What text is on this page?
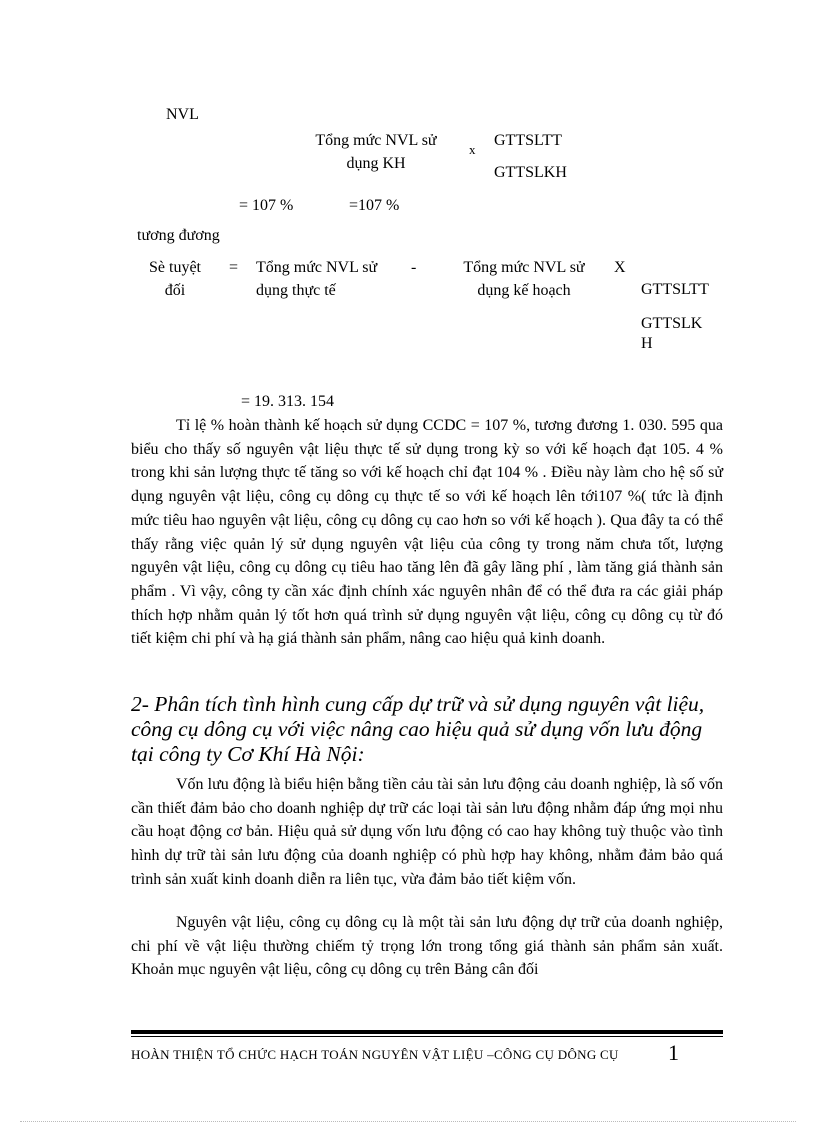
NVL
Tổng mức NVL sử
dụng KH
x
GTTSLTT
GTTSLKH
= 107 %	=107 %
tương đương
Sè tuyệt
đối
= Tổng mức NVL sử
dụng thực tế
-	Tổng mức NVL sử
dụng kế hoạch
X
GTTSLTT
GTTSLK
H
= 19. 313. 154

Tỉ lệ % hoàn thành kế hoạch sử dụng CCDC = 107 %, tương đương 1. 030. 595 qua biểu cho thấy số nguyên vật liệu thực tế sử dụng trong kỳ so với kế hoạch đạt 105. 4 % trong khi sản lượng thực tế tăng so với kế hoạch chỉ đạt 104 % . Điều này làm cho hệ số sử dụng nguyên vật liệu, công cụ dông cụ thực tế so với kế hoạch lên tới107 %( tức là định mức tiêu hao nguyên vật liệu, công cụ dông cụ cao hơn so với kế hoạch ). Qua đây ta có thể thấy rằng việc quản lý sử dụng nguyên vật liệu của công ty trong năm chưa tốt, lượng nguyên vật liệu, công cụ dông cụ tiêu hao tăng lên đã gây lãng phí , làm tăng giá thành sản phẩm . Vì vậy, công ty cần xác định chính xác nguyên nhân để có thể đưa ra các giải pháp thích hợp nhằm quản lý tốt hơn quá trình sử dụng nguyên vật liệu, công cụ dông cụ từ đó tiết kiệm chi phí và hạ giá thành sản phẩm, nâng cao hiệu quả kinh doanh.

2- Phân tích tình hình cung cấp dự trữ và sử dụng nguyên vật liệu,
công cụ dông cụ với việc nâng cao hiệu quả sử dụng vốn lưu động
tại công ty Cơ Khí Hà Nội:

Vốn lưu động là biểu hiện bằng tiền cảu tài sản lưu động cảu doanh nghiệp, là số vốn cần thiết đảm bảo cho doanh nghiệp dự trữ các loại tài sản lưu động nhằm đáp ứng mọi nhu cầu hoạt động cơ bản. Hiệu quả sử dụng vốn lưu động có cao hay không tuỳ thuộc vào tình hình dự trữ tài sản lưu động của doanh nghiệp có phù hợp hay không, nhằm đảm bảo quá trình sản xuất kinh doanh diễn ra liên tục, vừa đảm bảo tiết kiệm vốn.

Nguyên vật liệu, công cụ dông cụ là một tài sản lưu động dự trữ của doanh nghiệp, chi phí về vật liệu thường chiếm tỷ trọng lớn trong tổng giá thành sản phẩm sản xuất. Khoản mục nguyên vật liệu, công cụ dông cụ trên Bảng cân đối

HOÀN THIỆN TỔ CHỨC HẠCH TOÁN NGUYÊN VẬT LIỆU –CÔNG CỤ DÔNG CỤ 1
